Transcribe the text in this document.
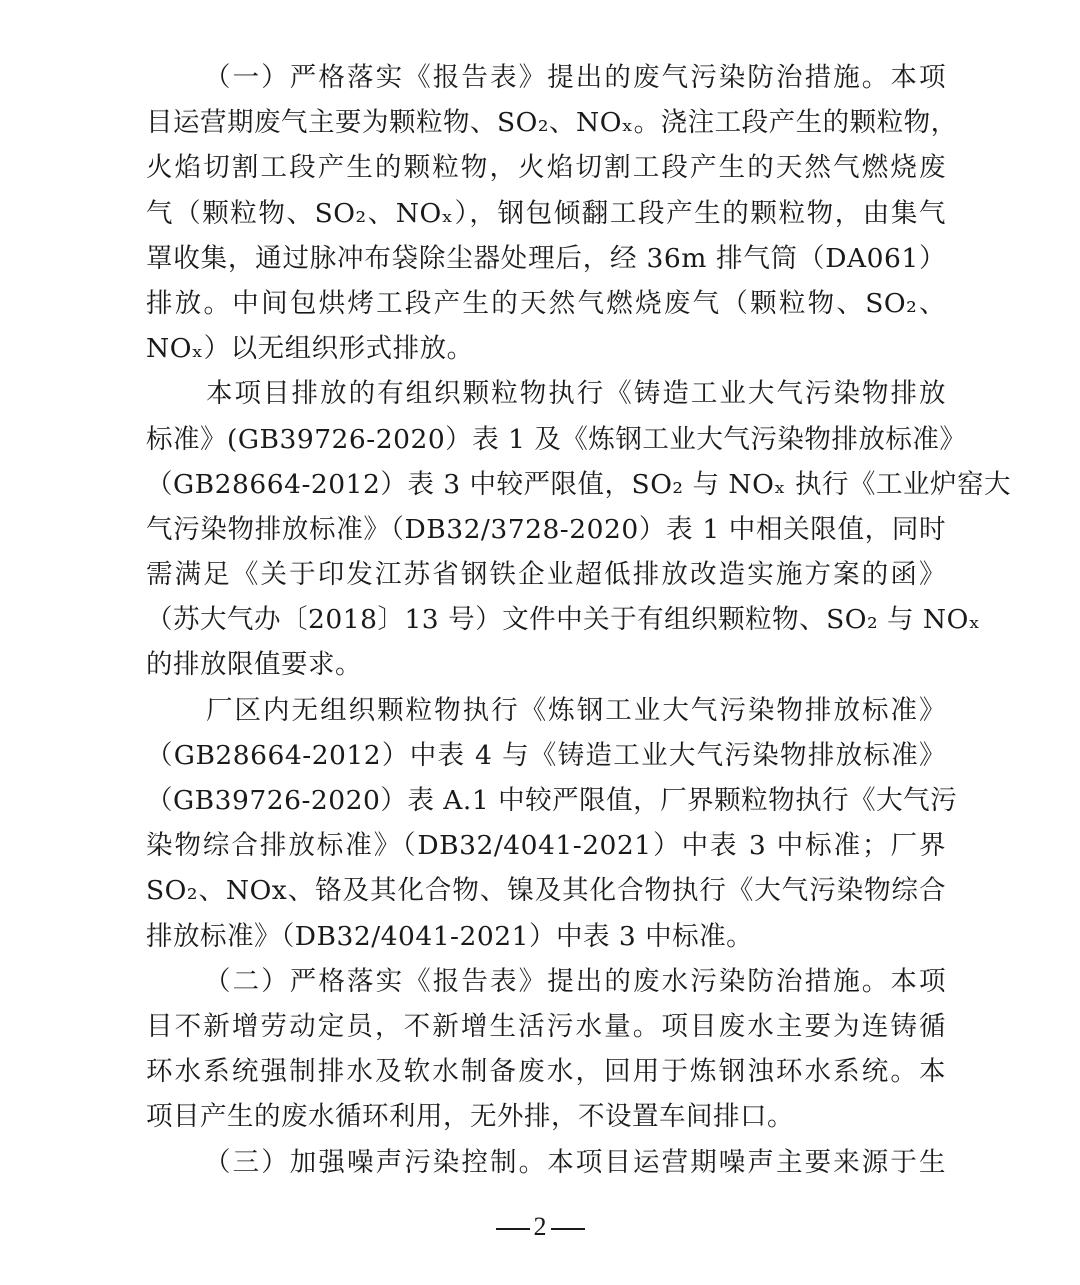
（一）严格落实《报告表》提出的废气污染防治措施。本项
目运营期废气主要为颗粒物、SO₂、NOₓ。浇注工段产生的颗粒物，
火焰切割工段产生的颗粒物，火焰切割工段产生的天然气燃烧废
气（颗粒物、SO₂、NOₓ），钢包倾翻工段产生的颗粒物，由集气
罩收集，通过脉冲布袋除尘器处理后，经 36m 排气筒（DA061）
排放。中间包烘烤工段产生的天然气燃烧废气（颗粒物、SO₂、
NOₓ）以无组织形式排放。
本项目排放的有组织颗粒物执行《铸造工业大气污染物排放
标准》(GB39726-2020）表 1 及《炼钢工业大气污染物排放标准》
（GB28664-2012）表 3 中较严限值，SO₂ 与 NOₓ 执行《工业炉窑大
气污染物排放标准》（DB32/3728-2020）表 1 中相关限值，同时
需满足《关于印发江苏省钢铁企业超低排放改造实施方案的函》
（苏大气办〔2018〕13 号）文件中关于有组织颗粒物、SO₂ 与 NOₓ
的排放限值要求。
厂区内无组织颗粒物执行《炼钢工业大气污染物排放标准》
（GB28664-2012）中表 4 与《铸造工业大气污染物排放标准》
（GB39726-2020）表 A.1 中较严限值，厂界颗粒物执行《大气污
染物综合排放标准》（DB32/4041-2021）中表 3 中标准；厂界
SO₂、NOx、铬及其化合物、镍及其化合物执行《大气污染物综合
排放标准》（DB32/4041-2021）中表 3 中标准。
（二）严格落实《报告表》提出的废水污染防治措施。本项
目不新增劳动定员，不新增生活污水量。项目废水主要为连铸循
环水系统强制排水及软水制备废水，回用于炼钢浊环水系统。本
项目产生的废水循环利用，无外排，不设置车间排口。
（三）加强噪声污染控制。本项目运营期噪声主要来源于生
2
